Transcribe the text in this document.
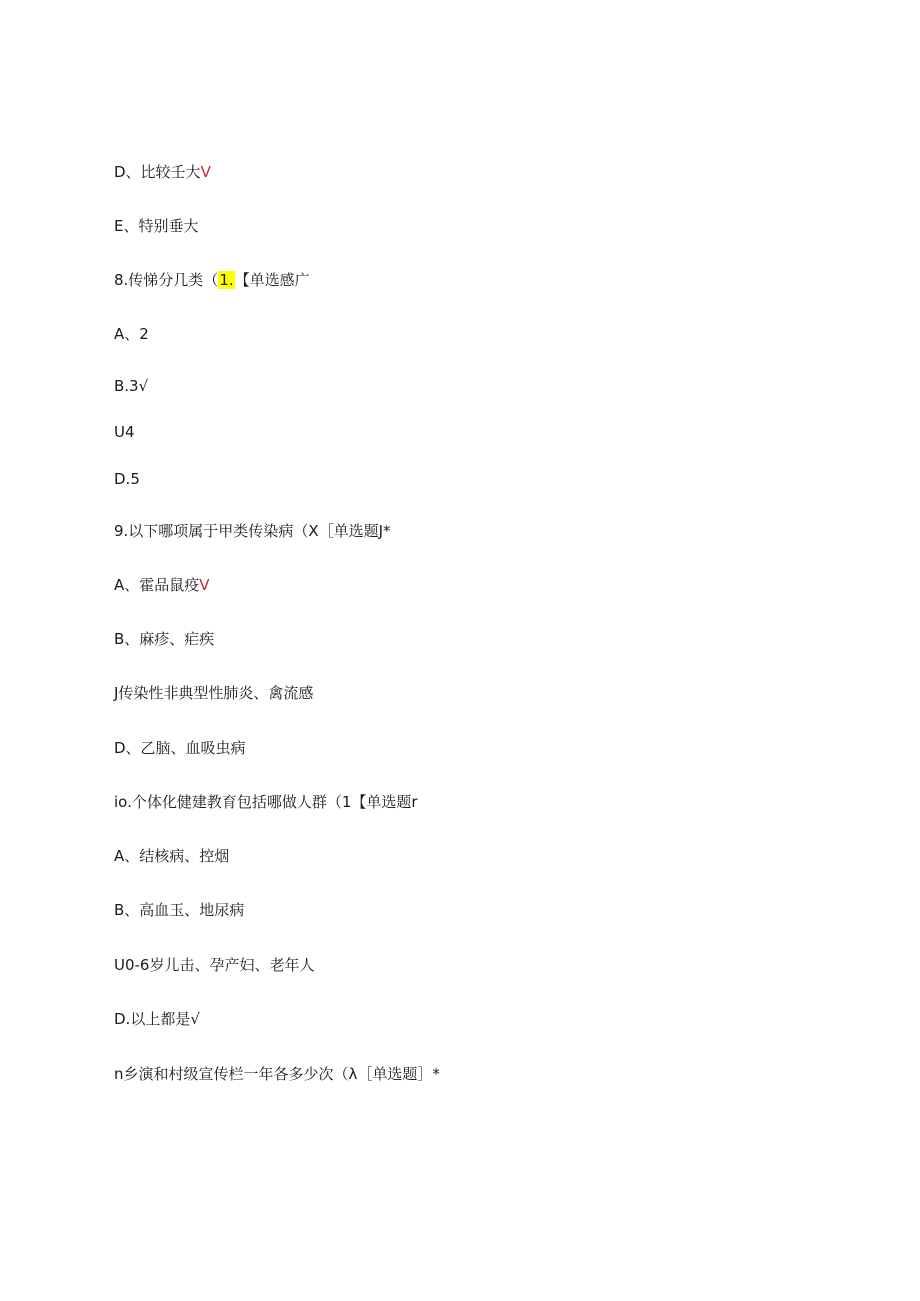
D、比较壬大V
E、特别垂大
8.传悌分几类（1.【单选感广
A、2
B.3√
U4
D.5
9.以下哪项属于甲类传染病（X［单选题J*
A、霍品鼠疫V
B、麻疹、疟疾
J传染性非典型性肺炎、禽流感
D、乙脑、血吸虫病
io.个体化健建教育包括哪做人群（1【单选题r
A、结核病、控烟
B、高血玉、地尿病
U0-6岁儿击、孕产妇、老年人
D.以上都是√
n乡演和村级宣传栏一年各多少次（λ［单选题］*
